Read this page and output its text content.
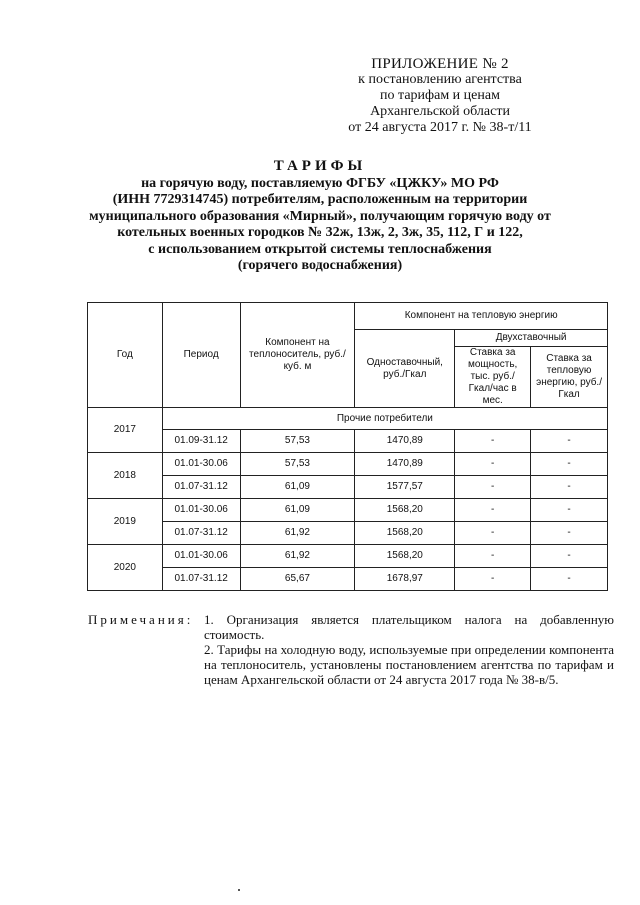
ПРИЛОЖЕНИЕ № 2
к постановлению агентства
по тарифам и ценам
Архангельской области
от 24 августа 2017 г. № 38-т/11
ТАРИФЫ
на горячую воду, поставляемую ФГБУ «ЦЖКУ» МО РФ
(ИНН 7729314745) потребителям, расположенным на территории
муниципального образования «Мирный», получающим горячую воду от
котельных военных городков № 32ж, 13ж, 2, 3ж, 35, 112, Г и 122,
с использованием открытой системы теплоснабжения
(горячего водоснабжения)
Год	Период	Компонент на теплоноситель, руб./куб. м	Компонент на тепловую энергию		
			Одноставочный, руб./Гкал	Двухставочный	
				Ставка за мощность, тыс. руб./ Гкал/час в мес.	Ставка за тепловую энергию, руб./Гкал
2017	Прочие потребители				
	01.09-31.12	57,53	1470,89	-	-
2018	01.01-30.06	57,53	1470,89	-	-
	01.07-31.12	61,09	1577,57	-	-
2019	01.01-30.06	61,09	1568,20	-	-
	01.07-31.12	61,92	1568,20	-	-
2020	01.01-30.06	61,92	1568,20	-	-
	01.07-31.12	65,67	1678,97	-	-
Примечания: 1. Организация является плательщиком налога на добавленную стоимость.
2. Тарифы на холодную воду, используемые при определении компонента на теплоноситель, установлены постановлением агентства по тарифам и ценам Архангельской области от 24 августа 2017 года № 38-в/5.
